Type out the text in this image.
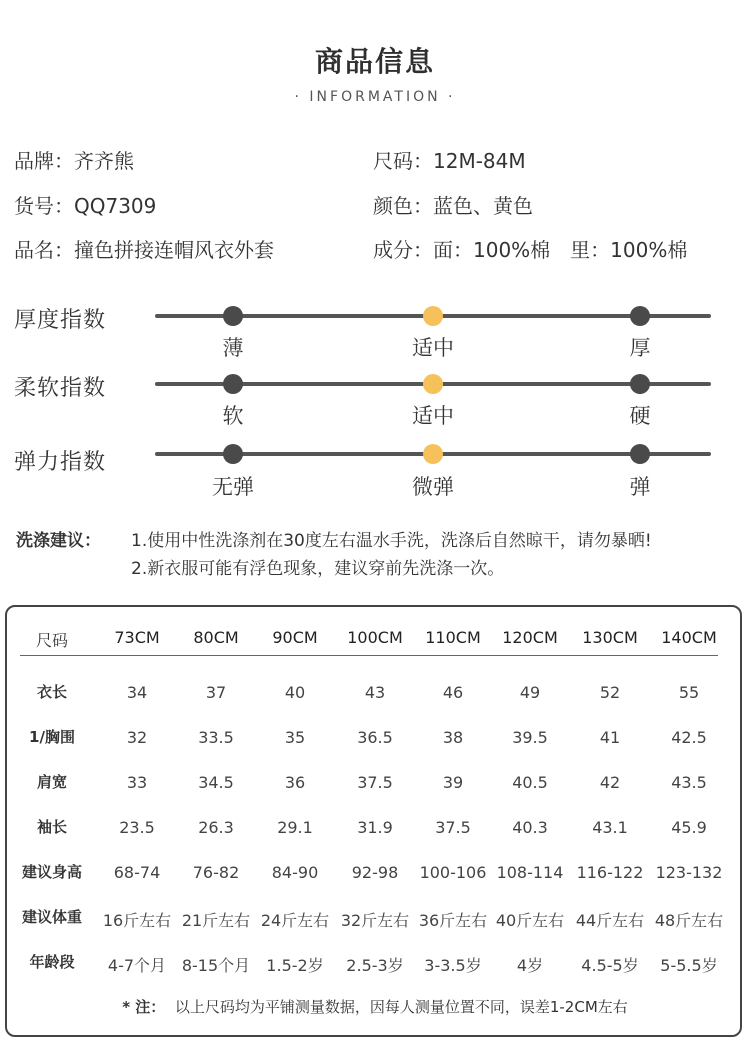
商品信息
· INFORMATION ·
品牌：齐齐熊	尺码：12M-84M
货号：QQ7309	颜色：蓝色、黄色
品名：撞色拼接连帽风衣外套	成分：面：100%棉　里：100%棉
厚度指数
薄	适中	厚
柔软指数
软	适中	硬
弹力指数
无弹	微弹	弹
洗涤建议： 1.使用中性洗涤剂在30度左右温水手洗，洗涤后自然晾干，请勿暴晒!
2.新衣服可能有浮色现象，建议穿前先洗涤一次。
尺码	73CM	80CM	90CM	100CM	110CM	120CM	130CM	140CM
衣长	34	37	40	43	46	49	52	55
1/胸围	32	33.5	35	36.5	38	39.5	41	42.5
肩宽	33	34.5	36	37.5	39	40.5	42	43.5
袖长	23.5	26.3	29.1	31.9	37.5	40.3	43.1	45.9
建议身高	68-74	76-82	84-90	92-98	100-106 108-114 116-122 123-132
建议体重	16斤左右 21斤左右 24斤左右 32斤左右 36斤左右 40斤左右 44斤左右 48斤左右
年龄段	4-7个月 8-15个月	1.5-2岁	2.5-3岁	3-3.5岁	4岁	4.5-5岁	5-5.5岁
* 注： 以上尺码均为平铺测量数据，因每人测量位置不同，误差1-2CM左右
